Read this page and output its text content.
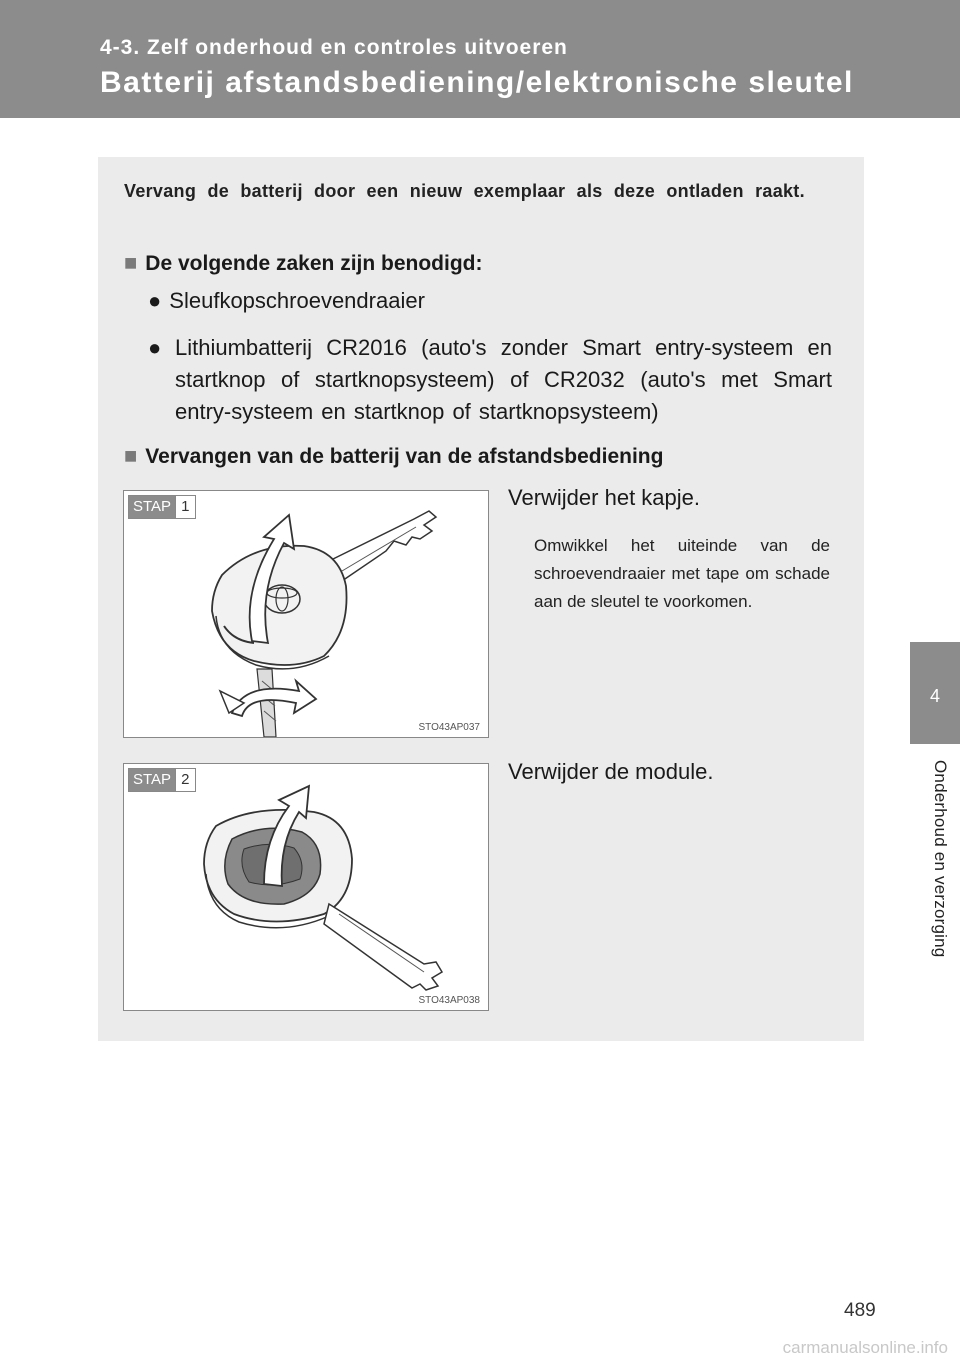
4-3. Zelf onderhoud en controles uitvoeren
Batterij afstandsbediening/elektronische sleutel
4
Onderhoud en verzorging
Vervang de batterij door een nieuw exemplaar als deze ontladen raakt.
■ De volgende zaken zijn benodigd:
● Sleufkopschroevendraaier
● Lithiumbatterij CR2016 (auto's zonder Smart entry-systeem en startknop of startknopsysteem) of CR2032 (auto's met Smart entry-systeem en startknop of startknopsysteem)
■ Vervangen van de batterij van de afstandsbediening
STAP 1
STO43AP037
Verwijder het kapje.
Omwikkel het uiteinde van de schroevendraaier met tape om schade aan de sleutel te voorkomen.
STAP 2
STO43AP038
Verwijder de module.
489
carmanualsonline.info
